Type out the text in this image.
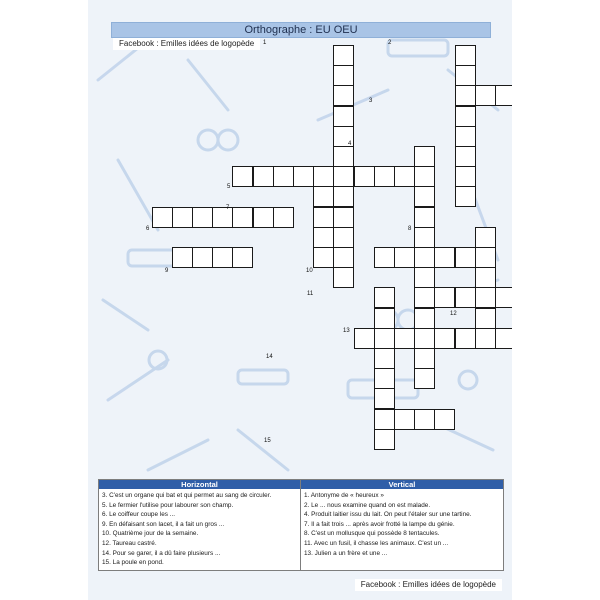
Orthographe : EU OEU
Facebook : Emilles idées de logopède	1	2
3
4
5
6
7
8
9	10
11
12
13
14
15
Horizontal
3. C'est un organe qui bat et qui permet au sang de circuler.
5. Le fermier l'utilise pour labourer son champ.
6. Le coiffeur coupe les ...
9. En défaisant son lacet, il a fait un gros ...
10. Quatrième jour de la semaine.
12. Taureau castré.
14. Pour se garer, il a dû faire plusieurs ...
15. La poule en pond.
Vertical
1. Antonyme de « heureux »
2. Le ... nous examine quand on est malade.
4. Produit laitier issu du lait. On peut l'étaler sur une tartine.
7. Il a fait trois ... après avoir frotté la lampe du génie.
8. C'est un mollusque qui possède 8 tentacules.
11. Avec un fusil, il chasse les animaux. C'est un ...
13. Julien a un frère et une ...
Facebook : Emilles idées de logopède
